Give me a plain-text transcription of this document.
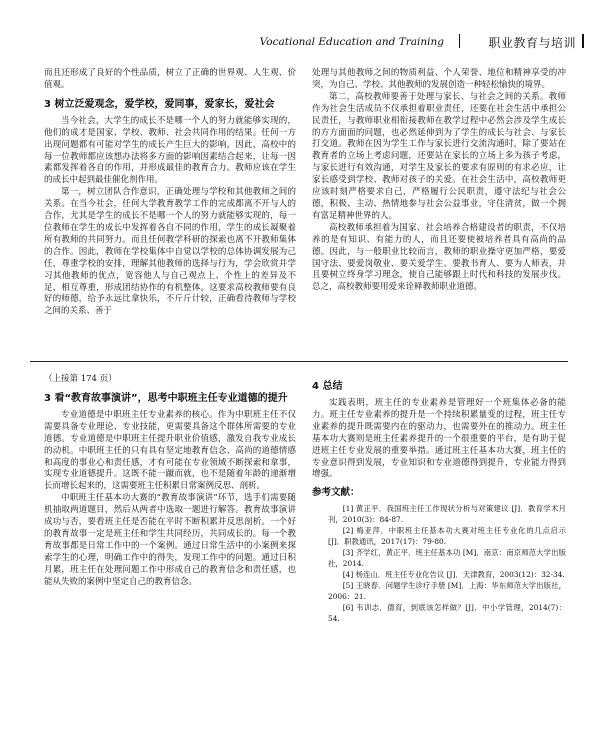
Vocational Education and Training	职业教育与培训

而且还形成了良好的个性品质，树立了正确的世界观、人生观、价值观。

3 树立泛爱观念，爱学校，爱同事，爱家长，爱社会

当今社会，大学生的成长不是哪一个人的努力就能够实现的，他们的成才是国家、学校、教师、社会共同作用的结果。任何一方出现问题都有可能对学生的成长产生巨大的影响，因此，高校中的每一位教师都应该想办法将多方面的影响因素结合起来，让每一因素都发挥着各自的作用，并形成最佳的教育合力。教师应该在学生的成长中起到最佳催化剂作用。

第一，树立团队合作意识，正确处理与学校和其他教师之间的关系。在当今社会，任何大学教育教学工作的完成都离不开与人的合作，尤其是学生的成长不是哪一个人的努力就能够实现的，每一位教师在学生的成长中发挥着各自不同的作用，学生的成长凝聚着所有教师的共同努力。而且任何教学科研的探索也离不开教师集体的合作。因此，教师在学校集体中自觉以学校的总体协调发展为己任，尊重学校的安排，理解其他教师的选择与行为，学会欣赏并学习其他教师的优点，宽容他人与自己观点上、个性上的差异及不足，相互尊重，形成团结协作的有机整体。这要求高校教师要有良好的师德，给予永远比拿快乐，不斤斤计较，正确看待教师与学校之间的关系、善于

处理与其他教师之间的物质利益、个人荣誉、地位和精神享受的冲突，为自己、学校、其他教师的发展创造一种轻松愉快的境界。

第二，高校教师要善于处理与家长、与社会之间的关系。教师作为社会生活成员不仅承担着职业责任，还要在社会生活中承担公民责任，与教师职业相衔接教师在教学过程中必然会涉及学生成长的方方面面的问题，也必然延伸到为了学生的成长与社会、与家长打交道。教师在因为学生工作与家长进行交流沟通时，除了要站在教育者的立场上考虑问题，还要站在家长的立场上多为孩子考虑，与家长进行有效沟通，对学生及家长的要求有原则的有求必应，让家长感受到学校、教师对孩子的关爱。在社会生活中，高校教师更应该时刻严格要求自己，严格履行公民职责，遵守法纪与社会公德，积极、主动、热情地参与社会公益事业，守住清贫，做一个拥有富足精神世界的人。

高校教师承担着为国家、社会培养合格建设者的职责，不仅培养的是有知识、有能力的人，而且还要使被培养者具有高尚的品德。因此，与一般职业比较而言，教师的职业操守更加严格，要爱国守法、要爱岗敬业、要关爱学生、要教书育人、要为人师表，并且要树立终身学习理念，使自己能够跟上时代和科技的发展步伐。总之，高校教师要用爱来诠释教师职业道德。

（上接第 174 页）

3 看“教育故事演讲”，思考中职班主任专业道德的提升

专业道德是中职班主任专业素养的核心。作为中职班主任不仅需要具备专业理论、专业技能，更需要具备这个群体所需要的专业道德。专业道德是中职班主任提升职业价值感，激发自我专业成长的动机。中职班主任的只有具有坚定地教育信念、高尚的道德情感和高度的事业心和责任感，才有可能在专业领域不断探索和拿事，实现专业道德提升。这既不能一蹴而就，也不是随着年龄的递渐增长而增长起来的，这需要班主任积累日常案例反思、剖析。

中职班主任基本功大赛的“教育故事演讲”环节，选手们需要随机抽取两道题目，然后从两者中选取一题进行解答。教育故事演讲成功与否，要看班主任是否能在平时不断积累并反思剖析。一个好的教育故事一定是班主任和学生共同经历，共同成长的。每一个教育故事都是日常工作中的一个案例。通过日常生活中的小案例来探索学生的心理，明确工作中的得失，发现工作中的问题。通过日积月累，班主任在处理问题工作中形成自己的教育信念和责任感，也能从失败的案例中坚定自己的教育信念。

4 总结

实践表明，班主任的专业素养是管理好一个班集体必备的能力。班主任专业素养的提升是一个持续积累量变的过程，班主任专业素养的提升既需要内在的驱动力，也需要外在的推动力。班主任基本功大赛则是班主任素养提升的一个很重要的平台，是有助于促进班主任专业发展的重要举措。通过班主任基本功大赛，班主任的专业意识得到发展，专业知识和专业道德得到提升，专业能力得到增强。

参考文献：

[1] 黄正平．我国班主任工作现状分析与对策建议 [J]．教育学术月刊，2010(3)：84-87.

[2] 梅亚萍．中职班主任基本功大赛对班主任专业化的几点启示 [J]．职教通讯，2017(17)：79-80.

[3] 齐学红，黄正平．班主任基本功 [M]．南京：南京师范大学出版社，2014.

[4] 杨连山．班主任专业化告议 [J]．天津教育，2003(12)：32-34.

[5] 王晓春．问题学生诊疗手册 [M]．上海：华东师范大学出版社，2006：21.

[6] 韦训志．德育，到底该怎样做？[J]．中小学管理，2014(7)：54.
